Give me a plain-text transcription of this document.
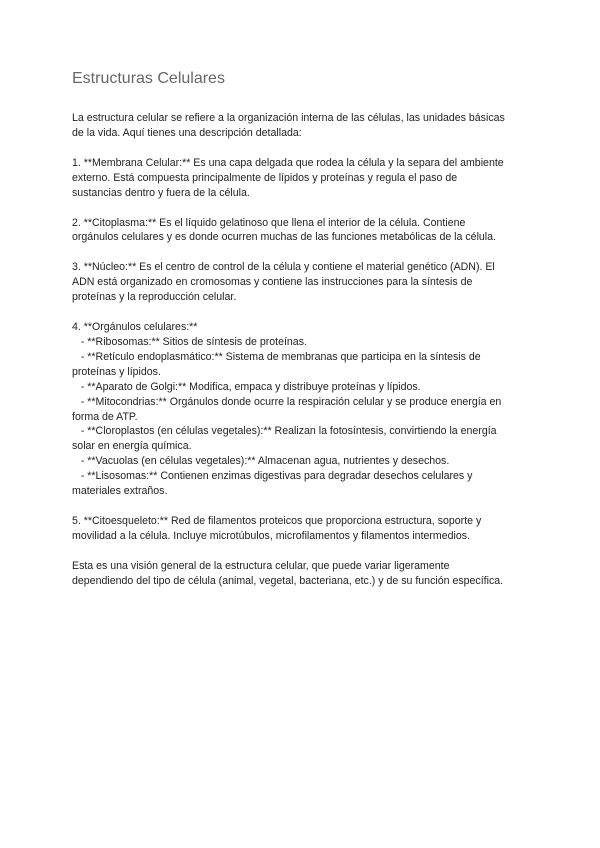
Estructuras Celulares

La estructura celular se refiere a la organización interna de las células, las unidades básicas
de la vida. Aquí tienes una descripción detallada:

1. **Membrana Celular:** Es una capa delgada que rodea la célula y la separa del ambiente
externo. Está compuesta principalmente de lípidos y proteínas y regula el paso de
sustancias dentro y fuera de la célula.

2. **Citoplasma:** Es el líquido gelatinoso que llena el interior de la célula. Contiene
orgánulos celulares y es donde ocurren muchas de las funciones metabólicas de la célula.

3. **Núcleo:** Es el centro de control de la célula y contiene el material genético (ADN). El
ADN está organizado en cromosomas y contiene las instrucciones para la síntesis de
proteínas y la reproducción celular.

4. **Orgánulos celulares:**
- **Ribosomas:** Sitios de síntesis de proteínas.
- **Retículo endoplasmático:** Sistema de membranas que participa en la síntesis de
proteínas y lípidos.
- **Aparato de Golgi:** Modifica, empaca y distribuye proteínas y lípidos.
- **Mitocondrias:** Orgánulos donde ocurre la respiración celular y se produce energía en
forma de ATP.
- **Cloroplastos (en células vegetales):** Realizan la fotosíntesis, convirtiendo la energía
solar en energía química.
- **Vacuolas (en células vegetales):** Almacenan agua, nutrientes y desechos.
- **Lisosomas:** Contienen enzimas digestivas para degradar desechos celulares y
materiales extraños.

5. **Citoesqueleto:** Red de filamentos proteicos que proporciona estructura, soporte y
movilidad a la célula. Incluye microtúbulos, microfilamentos y filamentos intermedios.

Esta es una visión general de la estructura celular, que puede variar ligeramente
dependiendo del tipo de célula (animal, vegetal, bacteriana, etc.) y de su función específica.
